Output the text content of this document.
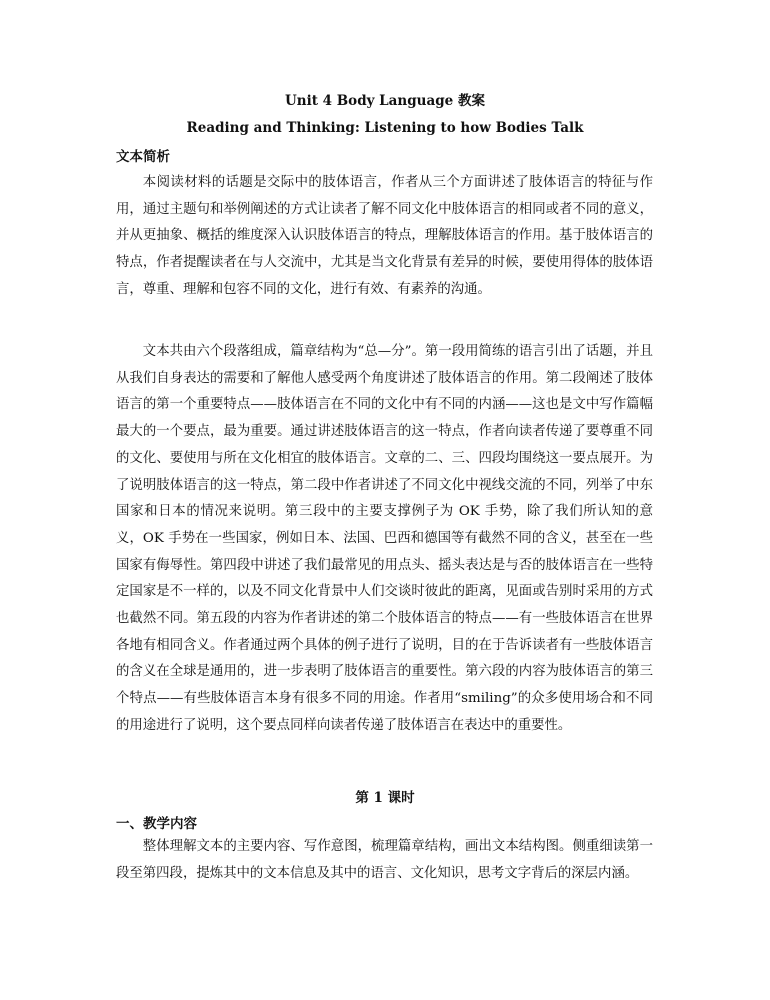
Unit 4 Body Language 教案
Reading and Thinking: Listening to how Bodies Talk
文本简析

本阅读材料的话题是交际中的肢体语言，作者从三个方面讲述了肢体语言的特征与作用，通过主题句和举例阐述的方式让读者了解不同文化中肢体语言的相同或者不同的意义，并从更抽象、概括的维度深入认识肢体语言的特点，理解肢体语言的作用。基于肢体语言的特点，作者提醒读者在与人交流中，尤其是当文化背景有差异的时候，要使用得体的肢体语言，尊重、理解和包容不同的文化，进行有效、有素养的沟通。

文本共由六个段落组成，篇章结构为“总—分”。第一段用简练的语言引出了话题，并且从我们自身表达的需要和了解他人感受两个角度讲述了肢体语言的作用。第二段阐述了肢体语言的第一个重要特点——肢体语言在不同的文化中有不同的内涵——这也是文中写作篇幅最大的一个要点，最为重要。通过讲述肢体语言的这一特点，作者向读者传递了要尊重不同的文化、要使用与所在文化相宜的肢体语言。文章的二、三、四段均围绕这一要点展开。为了说明肢体语言的这一特点，第二段中作者讲述了不同文化中视线交流的不同，列举了中东国家和日本的情况来说明。第三段中的主要支撑例子为 OK 手势，除了我们所认知的意义，OK 手势在一些国家，例如日本、法国、巴西和德国等有截然不同的含义，甚至在一些国家有侮辱性。第四段中讲述了我们最常见的用点头、摇头表达是与否的肢体语言在一些特定国家是不一样的，以及不同文化背景中人们交谈时彼此的距离，见面或告别时采用的方式也截然不同。第五段的内容为作者讲述的第二个肢体语言的特点——有一些肢体语言在世界各地有相同含义。作者通过两个具体的例子进行了说明，目的在于告诉读者有一些肢体语言的含义在全球是通用的，进一步表明了肢体语言的重要性。第六段的内容为肢体语言的第三个特点——有些肢体语言本身有很多不同的用途。作者用“smiling”的众多使用场合和不同的用途进行了说明，这个要点同样向读者传递了肢体语言在表达中的重要性。

第 1 课时
一、教学内容

整体理解文本的主要内容、写作意图，梳理篇章结构，画出文本结构图。侧重细读第一段至第四段，提炼其中的文本信息及其中的语言、文化知识，思考文字背后的深层内涵。
